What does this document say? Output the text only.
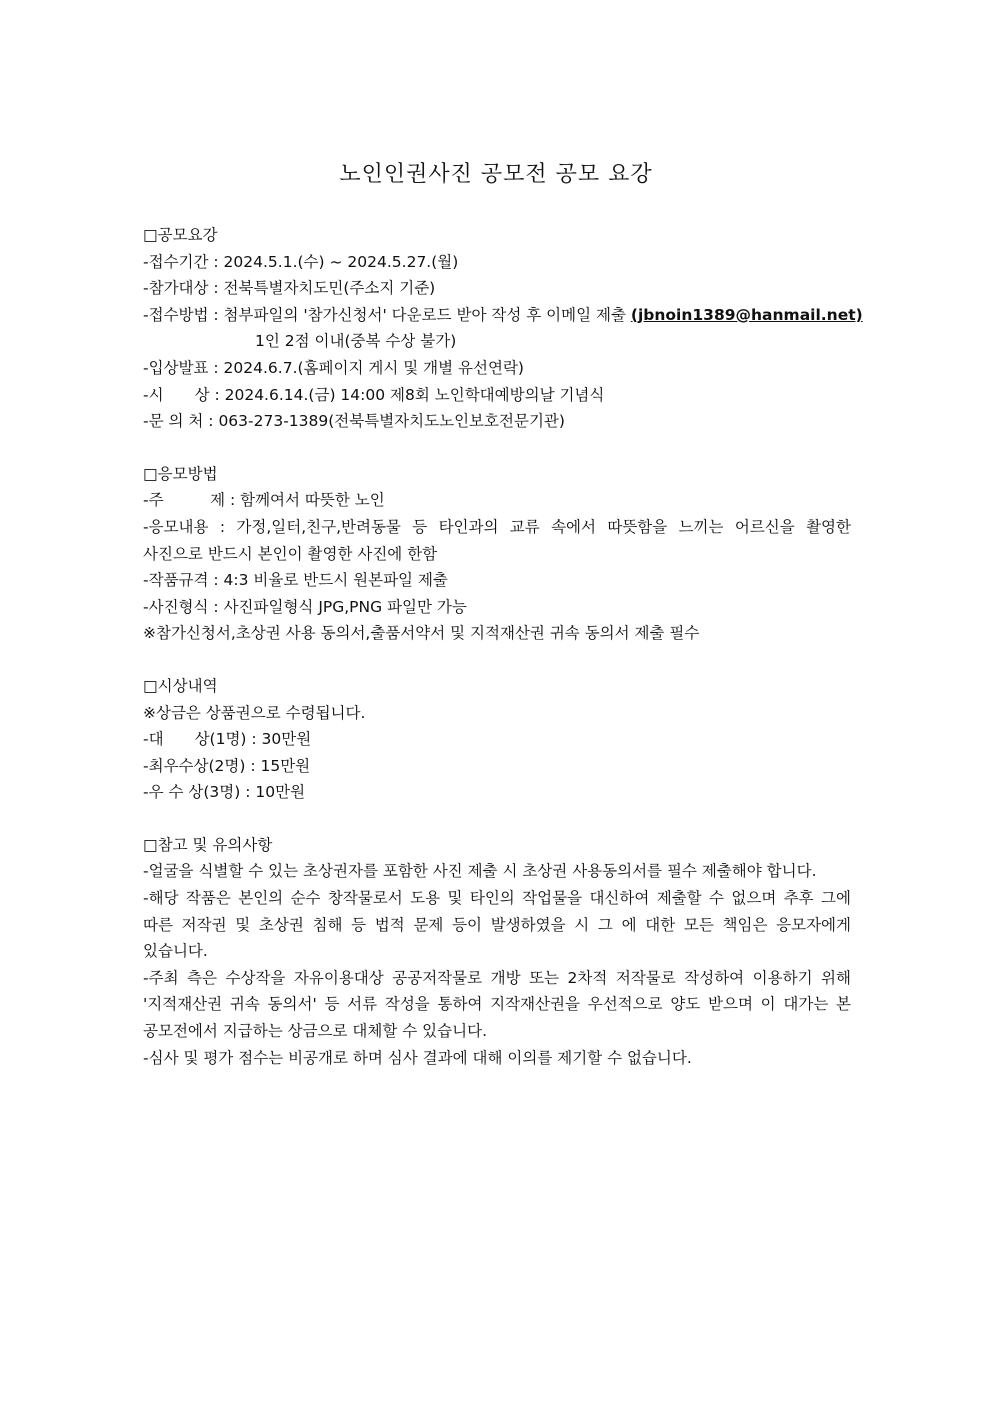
노인인권사진 공모전 공모 요강
□공모요강
-접수기간 : 2024.5.1.(수) ~ 2024.5.27.(월)
-참가대상 : 전북특별자치도민(주소지 기준)
-접수방법 : 첨부파일의 '참가신청서' 다운로드 받아 작성 후 이메일 제출 (jbnoin1389@hanmail.net)
1인 2점 이내(중복 수상 불가)
-입상발표 : 2024.6.7.(홈페이지 게시 및 개별 유선연락)
-시　　상 : 2024.6.14.(금) 14:00 제8회 노인학대예방의날 기념식
-문 의 처 : 063-273-1389(전북특별자치도노인보호전문기관)
□응모방법
-주　　　제 : 함께여서 따뜻한 노인
-응모내용 : 가정,일터,친구,반려동물 등 타인과의 교류 속에서 따뜻함을 느끼는 어르신을 촬영한 사진으로 반드시 본인이 촬영한 사진에 한함
-작품규격 : 4:3 비율로 반드시 원본파일 제출
-사진형식 : 사진파일형식 JPG,PNG 파일만 가능
※참가신청서,초상권 사용 동의서,출품서약서 및 지적재산권 귀속 동의서 제출 필수
□시상내역
※상금은 상품권으로 수령됩니다.
-대　　상(1명) : 30만원
-최우수상(2명) : 15만원
-우 수 상(3명) : 10만원
□참고 및 유의사항
-얼굴을 식별할 수 있는 초상권자를 포함한 사진 제출 시 초상권 사용동의서를 필수 제출해야 합니다.
-해당 작품은 본인의 순수 창작물로서 도용 및 타인의 작업물을 대신하여 제출할 수 없으며 추후 그에 따른 저작권 및 초상권 침해 등 법적 문제 등이 발생하였을 시 그 에 대한 모든 책임은 응모자에게 있습니다.
-주최 측은 수상작을 자유이용대상 공공저작물로 개방 또는 2차적 저작물로 작성하여 이용하기 위해 '지적재산권 귀속 동의서' 등 서류 작성을 통하여 지작재산권을 우선적으로 양도 받으며 이 대가는 본 공모전에서 지급하는 상금으로 대체할 수 있습니다.
-심사 및 평가 점수는 비공개로 하며 심사 결과에 대해 이의를 제기할 수 없습니다.
